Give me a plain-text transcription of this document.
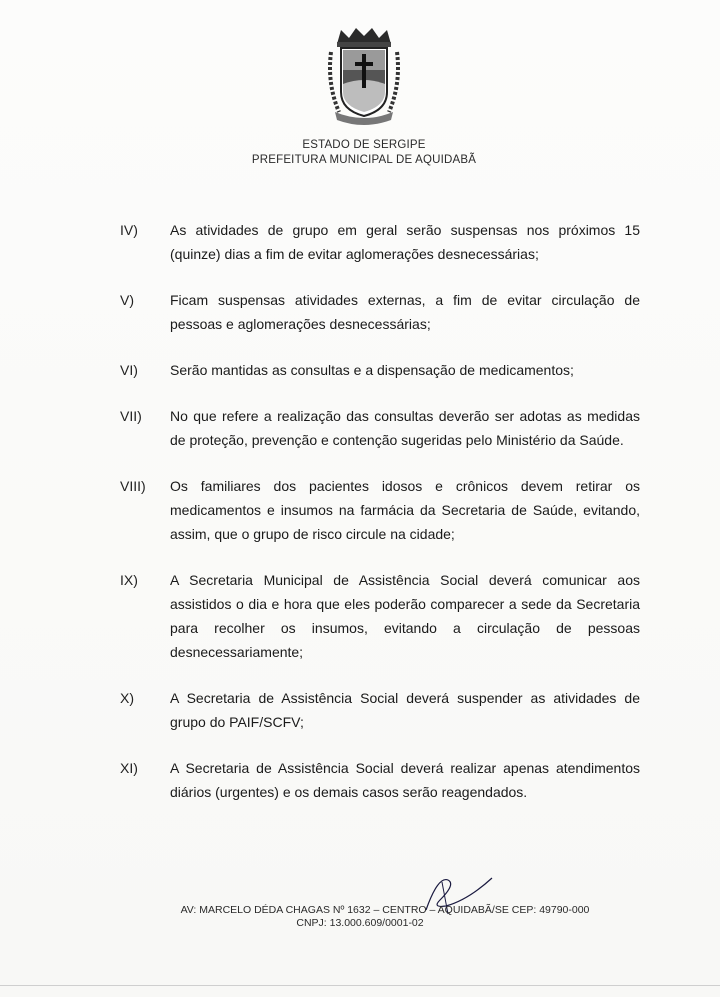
ESTADO DE SERGIPE
PREFEITURA MUNICIPAL DE AQUIDABÃ
IV)	As atividades de grupo em geral serão suspensas nos próximos 15 (quinze) dias a fim de evitar aglomerações desnecessárias;
V)	Ficam suspensas atividades externas, a fim de evitar circulação de pessoas e aglomerações desnecessárias;
VI)	Serão mantidas as consultas e a dispensação de medicamentos;
VII)	No que refere a realização das consultas deverão ser adotas as medidas de proteção, prevenção e contenção sugeridas pelo Ministério da Saúde.
VIII)	Os familiares dos pacientes idosos e crônicos devem retirar os medicamentos e insumos na farmácia da Secretaria de Saúde, evitando, assim, que o grupo de risco circule na cidade;
IX)	A Secretaria Municipal de Assistência Social deverá comunicar aos assistidos o dia e hora que eles poderão comparecer a sede da Secretaria para recolher os insumos, evitando a circulação de pessoas desnecessariamente;
X)	A Secretaria de Assistência Social deverá suspender as atividades de grupo do PAIF/SCFV;
XI)	A Secretaria de Assistência Social deverá realizar apenas atendimentos diários (urgentes) e os demais casos serão reagendados.
AV: MARCELO DÉDA CHAGAS Nº 1632 – CENTRO – AQUIDABÃ/SE CEP: 49790-000
CNPJ: 13.000.609/0001-02
